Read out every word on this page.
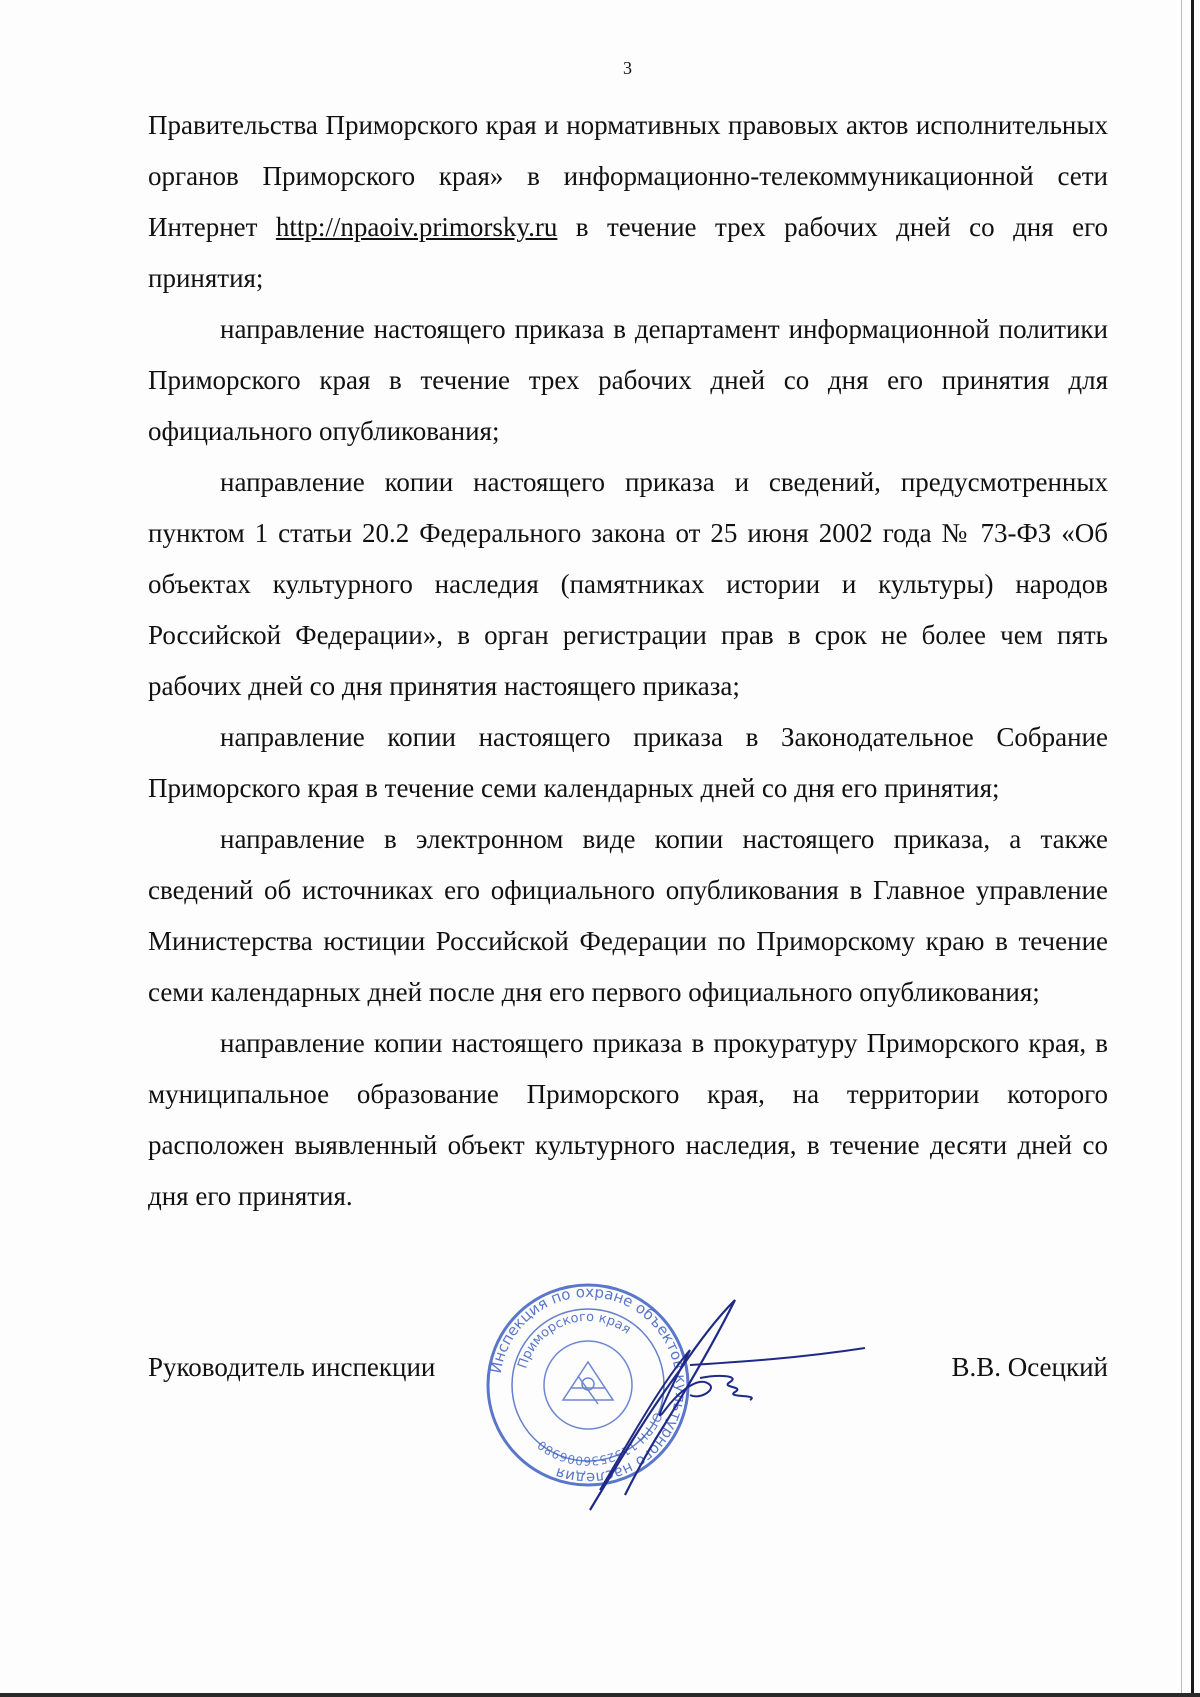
3

Правительства Приморского края и нормативных правовых актов исполнительных органов Приморского края» в информационно-телекоммуникационной сети Интернет http://npaoiv.primorsky.ru в течение трех рабочих дней со дня его принятия;

направление настоящего приказа в департамент информационной политики Приморского края в течение трех рабочих дней со дня его принятия для официального опубликования;

направление копии настоящего приказа и сведений, предусмотренных пунктом 1 статьи 20.2 Федерального закона от 25 июня 2002 года № 73-ФЗ «Об объектах культурного наследия (памятниках истории и культуры) народов Российской Федерации», в орган регистрации прав в срок не более чем пять рабочих дней со дня принятия настоящего приказа;

направление копии настоящего приказа в Законодательное Собрание Приморского края в течение семи календарных дней со дня его принятия;

направление в электронном виде копии настоящего приказа, а также сведений об источниках его официального опубликования в Главное управление Министерства юстиции Российской Федерации по Приморскому краю в течение семи календарных дней после дня его первого официального опубликования;

направление копии настоящего приказа в прокуратуру Приморского края, в муниципальное образование Приморского края, на территории которого расположен выявленный объект культурного наследия, в течение десяти дней со дня его принятия.

Руководитель инспекции	В.В. Осецкий
Инспекция по охране объектов культурного наследия
Приморского края
ОГРН 1152536006980
